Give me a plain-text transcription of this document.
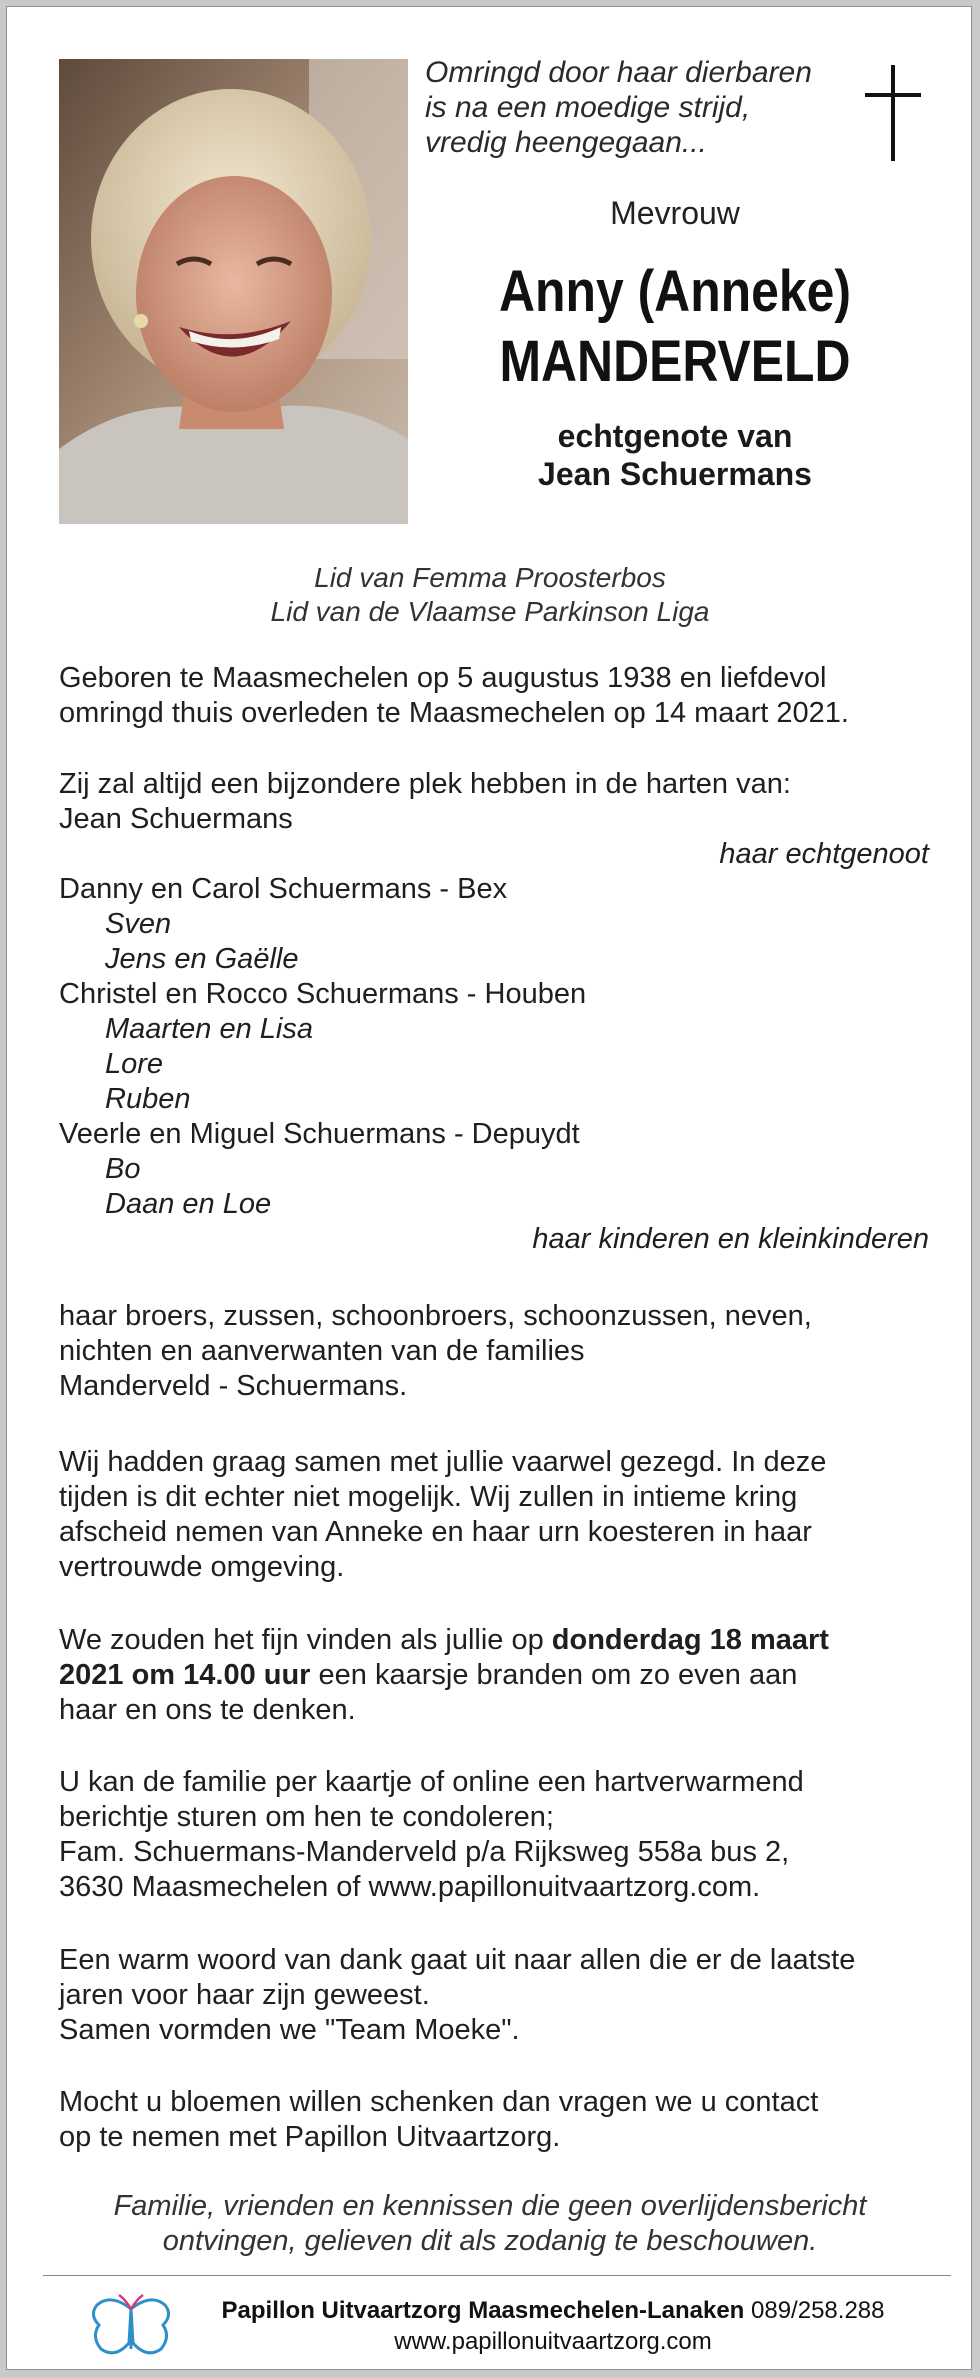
Omringd door haar dierbaren
is na een moedige strijd,
vredig heengegaan...
Mevrouw
Anny (Anneke)
MANDERVELD
echtgenote van
Jean Schuermans
Lid van Femma Proosterbos
Lid van de Vlaamse Parkinson Liga

Geboren te Maasmechelen op 5 augustus 1938 en liefdevol

omringd thuis overleden te Maasmechelen op 14 maart 2021.

Zij zal altijd een bijzondere plek hebben in de harten van:

Jean Schuermans

haar echtgenoot

Danny en Carol Schuermans - Bex

Sven

Jens en Gaëlle

Christel en Rocco Schuermans - Houben

Maarten en Lisa

Lore

Ruben

Veerle en Miguel Schuermans - Depuydt

Bo

Daan en Loe

haar kinderen en kleinkinderen

haar broers, zussen, schoonbroers, schoonzussen, neven,

nichten en aanverwanten van de families

Manderveld - Schuermans.

Wij hadden graag samen met jullie vaarwel gezegd. In deze

tijden is dit echter niet mogelijk. Wij zullen in intieme kring

afscheid nemen van Anneke en haar urn koesteren in haar

vertrouwde omgeving.

We zouden het fijn vinden als jullie op donderdag 18 maart

2021 om 14.00 uur een kaarsje branden om zo even aan

haar en ons te denken.

U kan de familie per kaartje of online een hartverwarmend

berichtje sturen om hen te condoleren;

Fam. Schuermans-Manderveld p/a Rijksweg 558a bus 2,

3630 Maasmechelen of www.papillonuitvaartzorg.com.

Een warm woord van dank gaat uit naar allen die er de laatste

jaren voor haar zijn geweest.

Samen vormden we "Team Moeke".

Mocht u bloemen willen schenken dan vragen we u contact

op te nemen met Papillon Uitvaartzorg.

Familie, vrienden en kennissen die geen overlijdensbericht
ontvingen, gelieven dit als zodanig te beschouwen.
Papillon Uitvaartzorg Maasmechelen-Lanaken 089/258.288
www.papillonuitvaartzorg.com
